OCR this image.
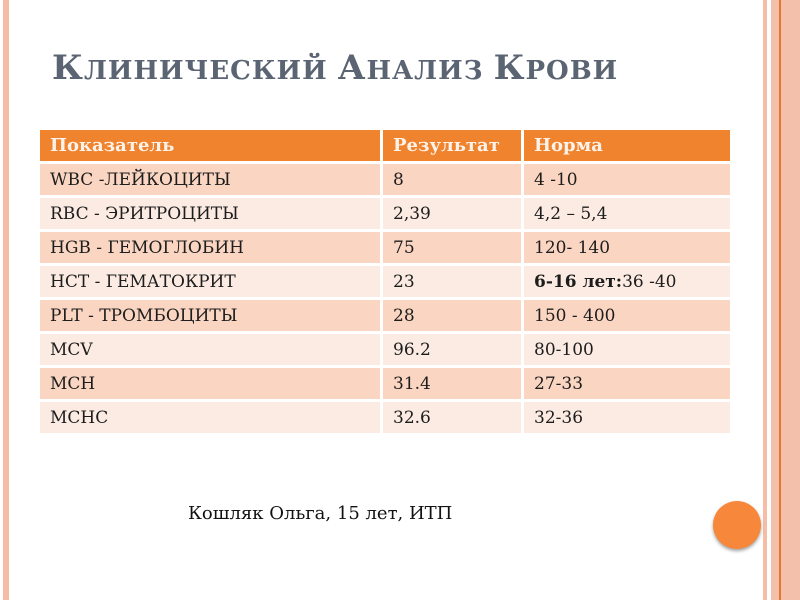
КЛИНИЧЕСКИЙ АНАЛИЗ КРОВИ
Показатель	Результат	Норма
WBC -ЛЕЙКОЦИТЫ	8	4 -10
RBC - ЭРИТРОЦИТЫ	2,39	4,2 – 5,4
HGB - ГЕМОГЛОБИН	75	120- 140
HCT - ГЕМАТОКРИТ	23	6-16 лет: 36 -40
PLT - ТРОМБОЦИТЫ	28	150 - 400
MCV	96.2	80-100
MCH	31.4	27-33
MCHC	32.6	32-36
Кошляк Ольга, 15 лет, ИТП
